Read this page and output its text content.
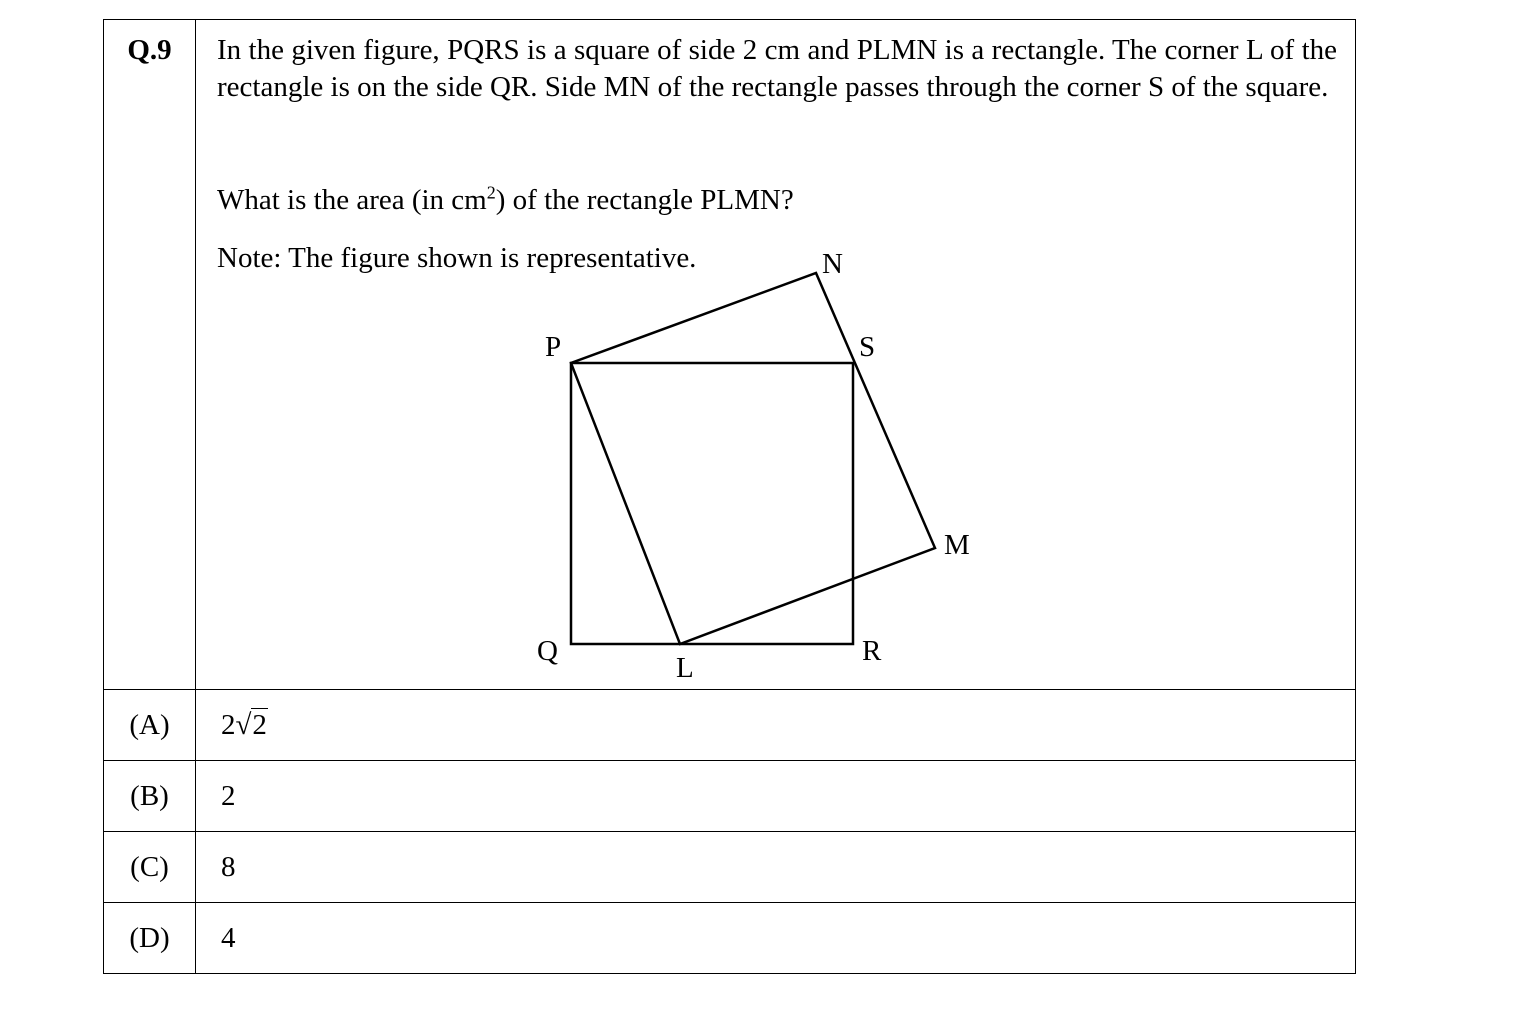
Q.9	In the given figure, PQRS is a square of side 2 cm and PLMN is a rectangle. The corner L of the rectangle is on the side QR. Side MN of the rectangle passes through the corner S of the square.

What is the area (in $cm^2$) of the rectangle PLMN?

Note: The figure shown is representative.

(A)	2√2
(B)	2
(C)	8
(D)	4
P	S
N
M
Q	R
L
